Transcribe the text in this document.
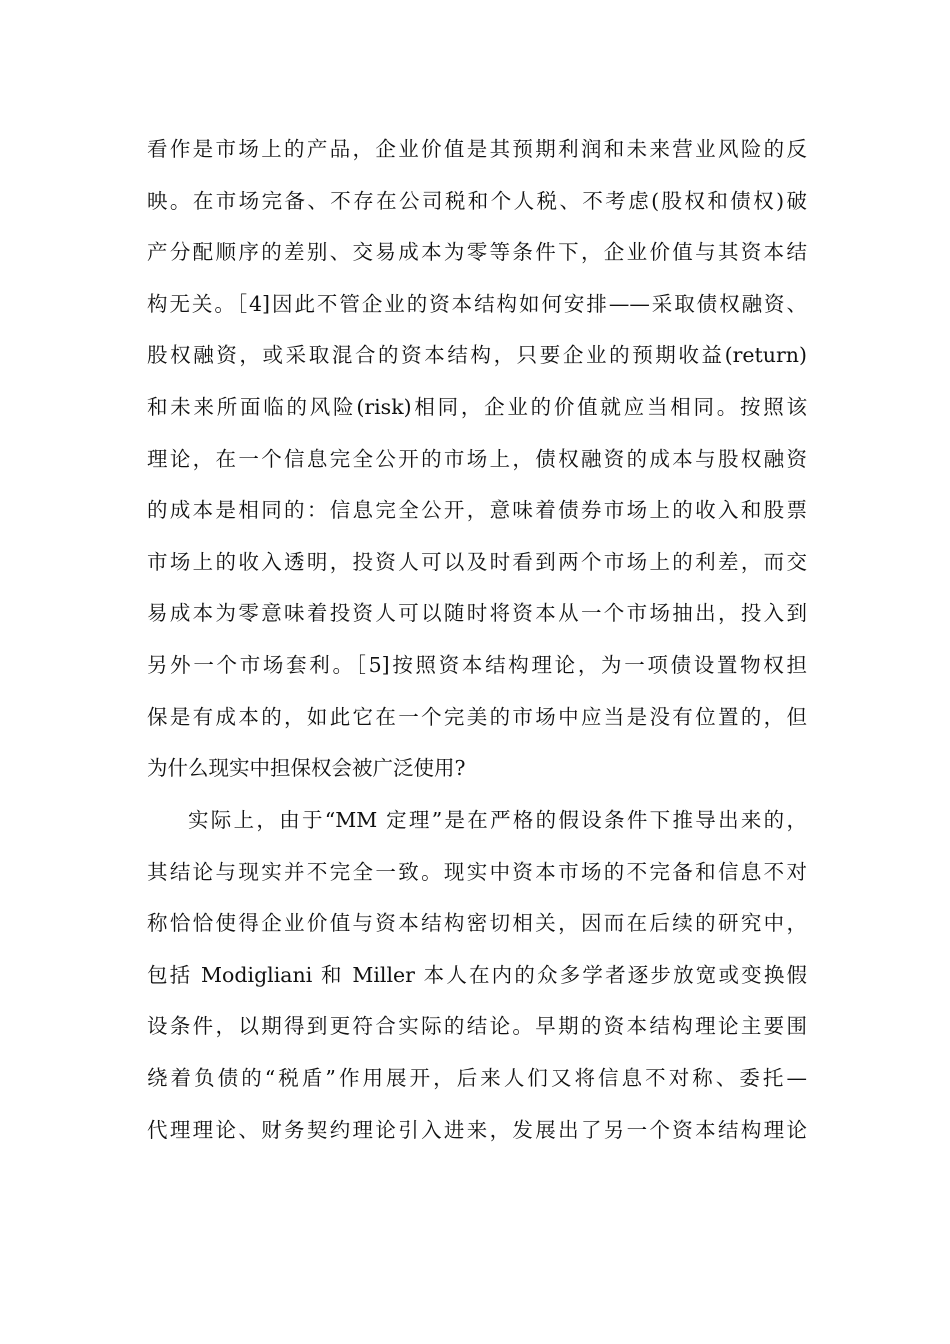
看作是市场上的产品，企业价值是其预期利润和未来营业风险的反
映。在市场完备、不存在公司税和个人税、不考虑(股权和债权)破
产分配顺序的差别、交易成本为零等条件下，企业价值与其资本结
构无关。［4]因此不管企业的资本结构如何安排——采取债权融资、
股权融资，或采取混合的资本结构，只要企业的预期收益(return)
和未来所面临的风险(risk)相同，企业的价值就应当相同。按照该
理论，在一个信息完全公开的市场上，债权融资的成本与股权融资
的成本是相同的：信息完全公开，意味着债券市场上的收入和股票
市场上的收入透明，投资人可以及时看到两个市场上的利差，而交
易成本为零意味着投资人可以随时将资本从一个市场抽出，投入到
另外一个市场套利。［5]按照资本结构理论，为一项债设置物权担
保是有成本的，如此它在一个完美的市场中应当是没有位置的，但
为什么现实中担保权会被广泛使用?
实际上，由于“MM 定理”是在严格的假设条件下推导出来的，
其结论与现实并不完全一致。现实中资本市场的不完备和信息不对
称恰恰使得企业价值与资本结构密切相关，因而在后续的研究中，
包括 Modigliani 和 Miller 本人在内的众多学者逐步放宽或变换假
设条件，以期得到更符合实际的结论。早期的资本结构理论主要围
绕着负债的“税盾”作用展开，后来人们又将信息不对称、委托—
代理理论、财务契约理论引入进来，发展出了另一个资本结构理论
